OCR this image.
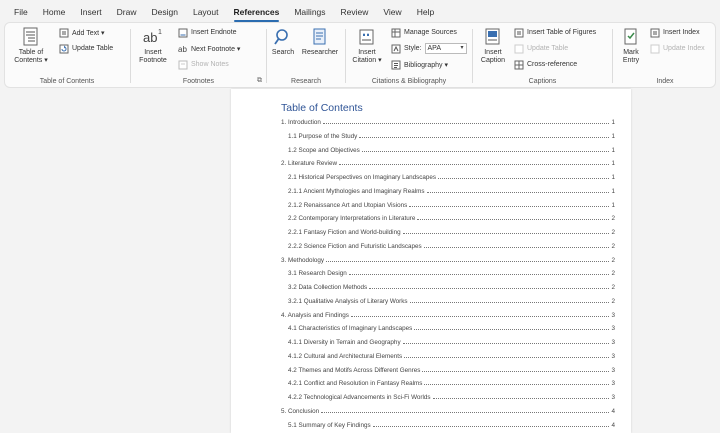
File Home Insert Draw Design Layout References Mailings Review View Help
Table of
Contents ▾
Add Text ▾
Update Table
Table of Contents
ab 1
Insert
Footnote
Insert Endnote
ab Next Footnote ▾
Show Notes
Footnotes	⧉
Search Researcher
Research
Insert
Citation ▾
Manage Sources
Style: APA	▾
Bibliography ▾
Citations & Bibliography
Insert
Caption
Insert Table of Figures
Update Table
Cross-reference
Captions
Mark
Entry
Insert Index
Update Index
Index
Table of Contents
1. Introduction	1
1.1 Purpose of the Study	1
1.2 Scope and Objectives	1
2. Literature Review	1
2.1 Historical Perspectives on Imaginary Landscapes	1
2.1.1 Ancient Mythologies and Imaginary Realms	1
2.1.2 Renaissance Art and Utopian Visions	1
2.2 Contemporary Interpretations in Literature	2
2.2.1 Fantasy Fiction and World-building	2
2.2.2 Science Fiction and Futuristic Landscapes	2
3. Methodology	2
3.1 Research Design	2
3.2 Data Collection Methods	2
3.2.1 Qualitative Analysis of Literary Works	2
4. Analysis and Findings	3
4.1 Characteristics of Imaginary Landscapes	3
4.1.1 Diversity in Terrain and Geography	3
4.1.2 Cultural and Architectural Elements	3
4.2 Themes and Motifs Across Different Genres	3
4.2.1 Conflict and Resolution in Fantasy Realms	3
4.2.2 Technological Advancements in Sci-Fi Worlds	3
5. Conclusion	4
5.1 Summary of Key Findings	4
